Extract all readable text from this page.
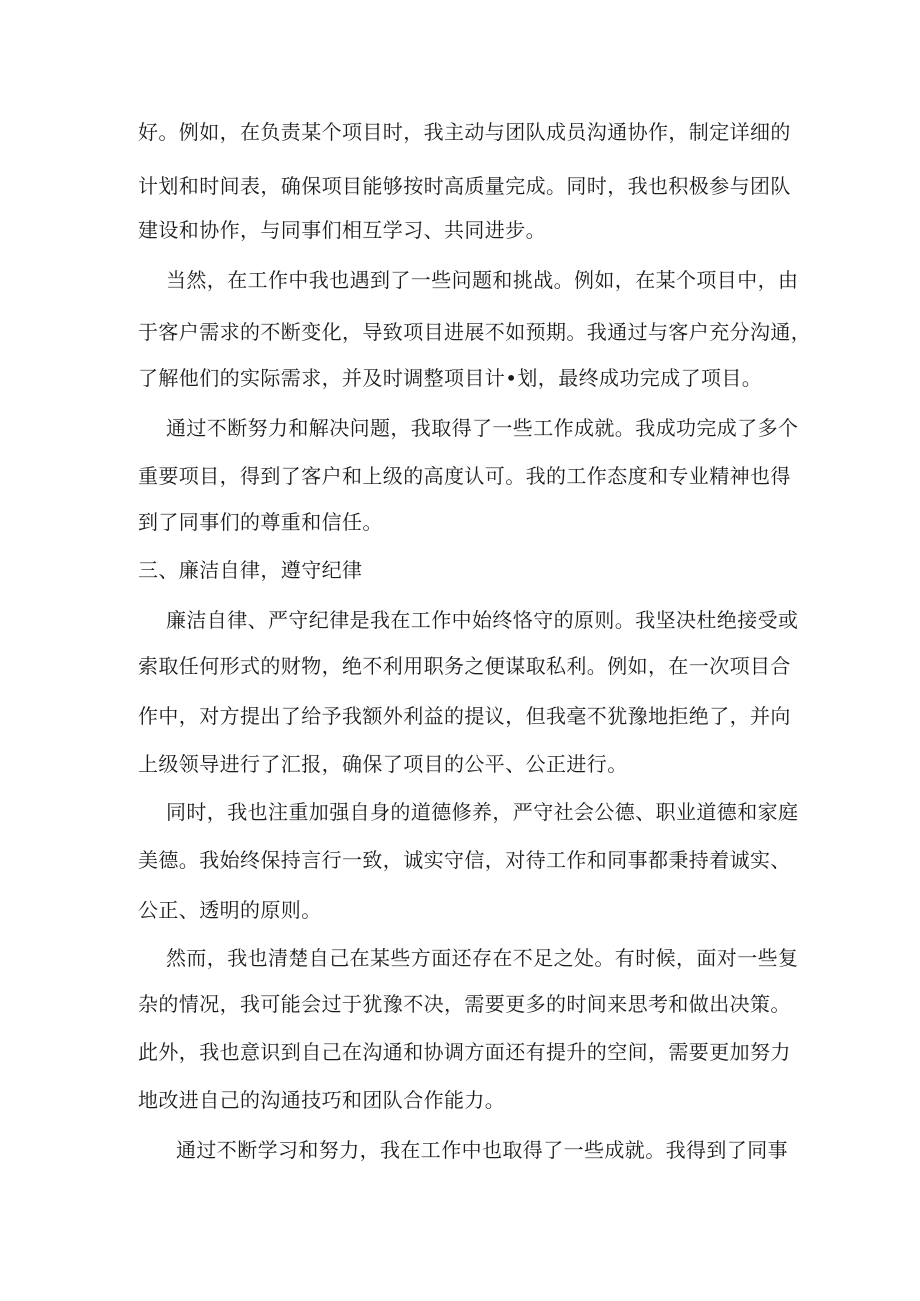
好。例如，在负责某个项目时，我主动与团队成员沟通协作，制定详细的
计划和时间表，确保项目能够按时高质量完成。同时，我也积极参与团队
建设和协作，与同事们相互学习、共同进步。
当然，在工作中我也遇到了一些问题和挑战。例如，在某个项目中，由
于客户需求的不断变化，导致项目进展不如预期。我通过与客户充分沟通，
了解他们的实际需求，并及时调整项目计•划，最终成功完成了项目。
通过不断努力和解决问题，我取得了一些工作成就。我成功完成了多个
重要项目，得到了客户和上级的高度认可。我的工作态度和专业精神也得
到了同事们的尊重和信任。
三、廉洁自律，遵守纪律
廉洁自律、严守纪律是我在工作中始终恪守的原则。我坚决杜绝接受或
索取任何形式的财物，绝不利用职务之便谋取私利。例如，在一次项目合
作中，对方提出了给予我额外利益的提议，但我毫不犹豫地拒绝了，并向
上级领导进行了汇报，确保了项目的公平、公正进行。
同时，我也注重加强自身的道德修养，严守社会公德、职业道德和家庭
美德。我始终保持言行一致，诚实守信，对待工作和同事都秉持着诚实、
公正、透明的原则。
然而，我也清楚自己在某些方面还存在不足之处。有时候，面对一些复
杂的情况，我可能会过于犹豫不决，需要更多的时间来思考和做出决策。
此外，我也意识到自己在沟通和协调方面还有提升的空间，需要更加努力
地改进自己的沟通技巧和团队合作能力。
通过不断学习和努力，我在工作中也取得了一些成就。我得到了同事
